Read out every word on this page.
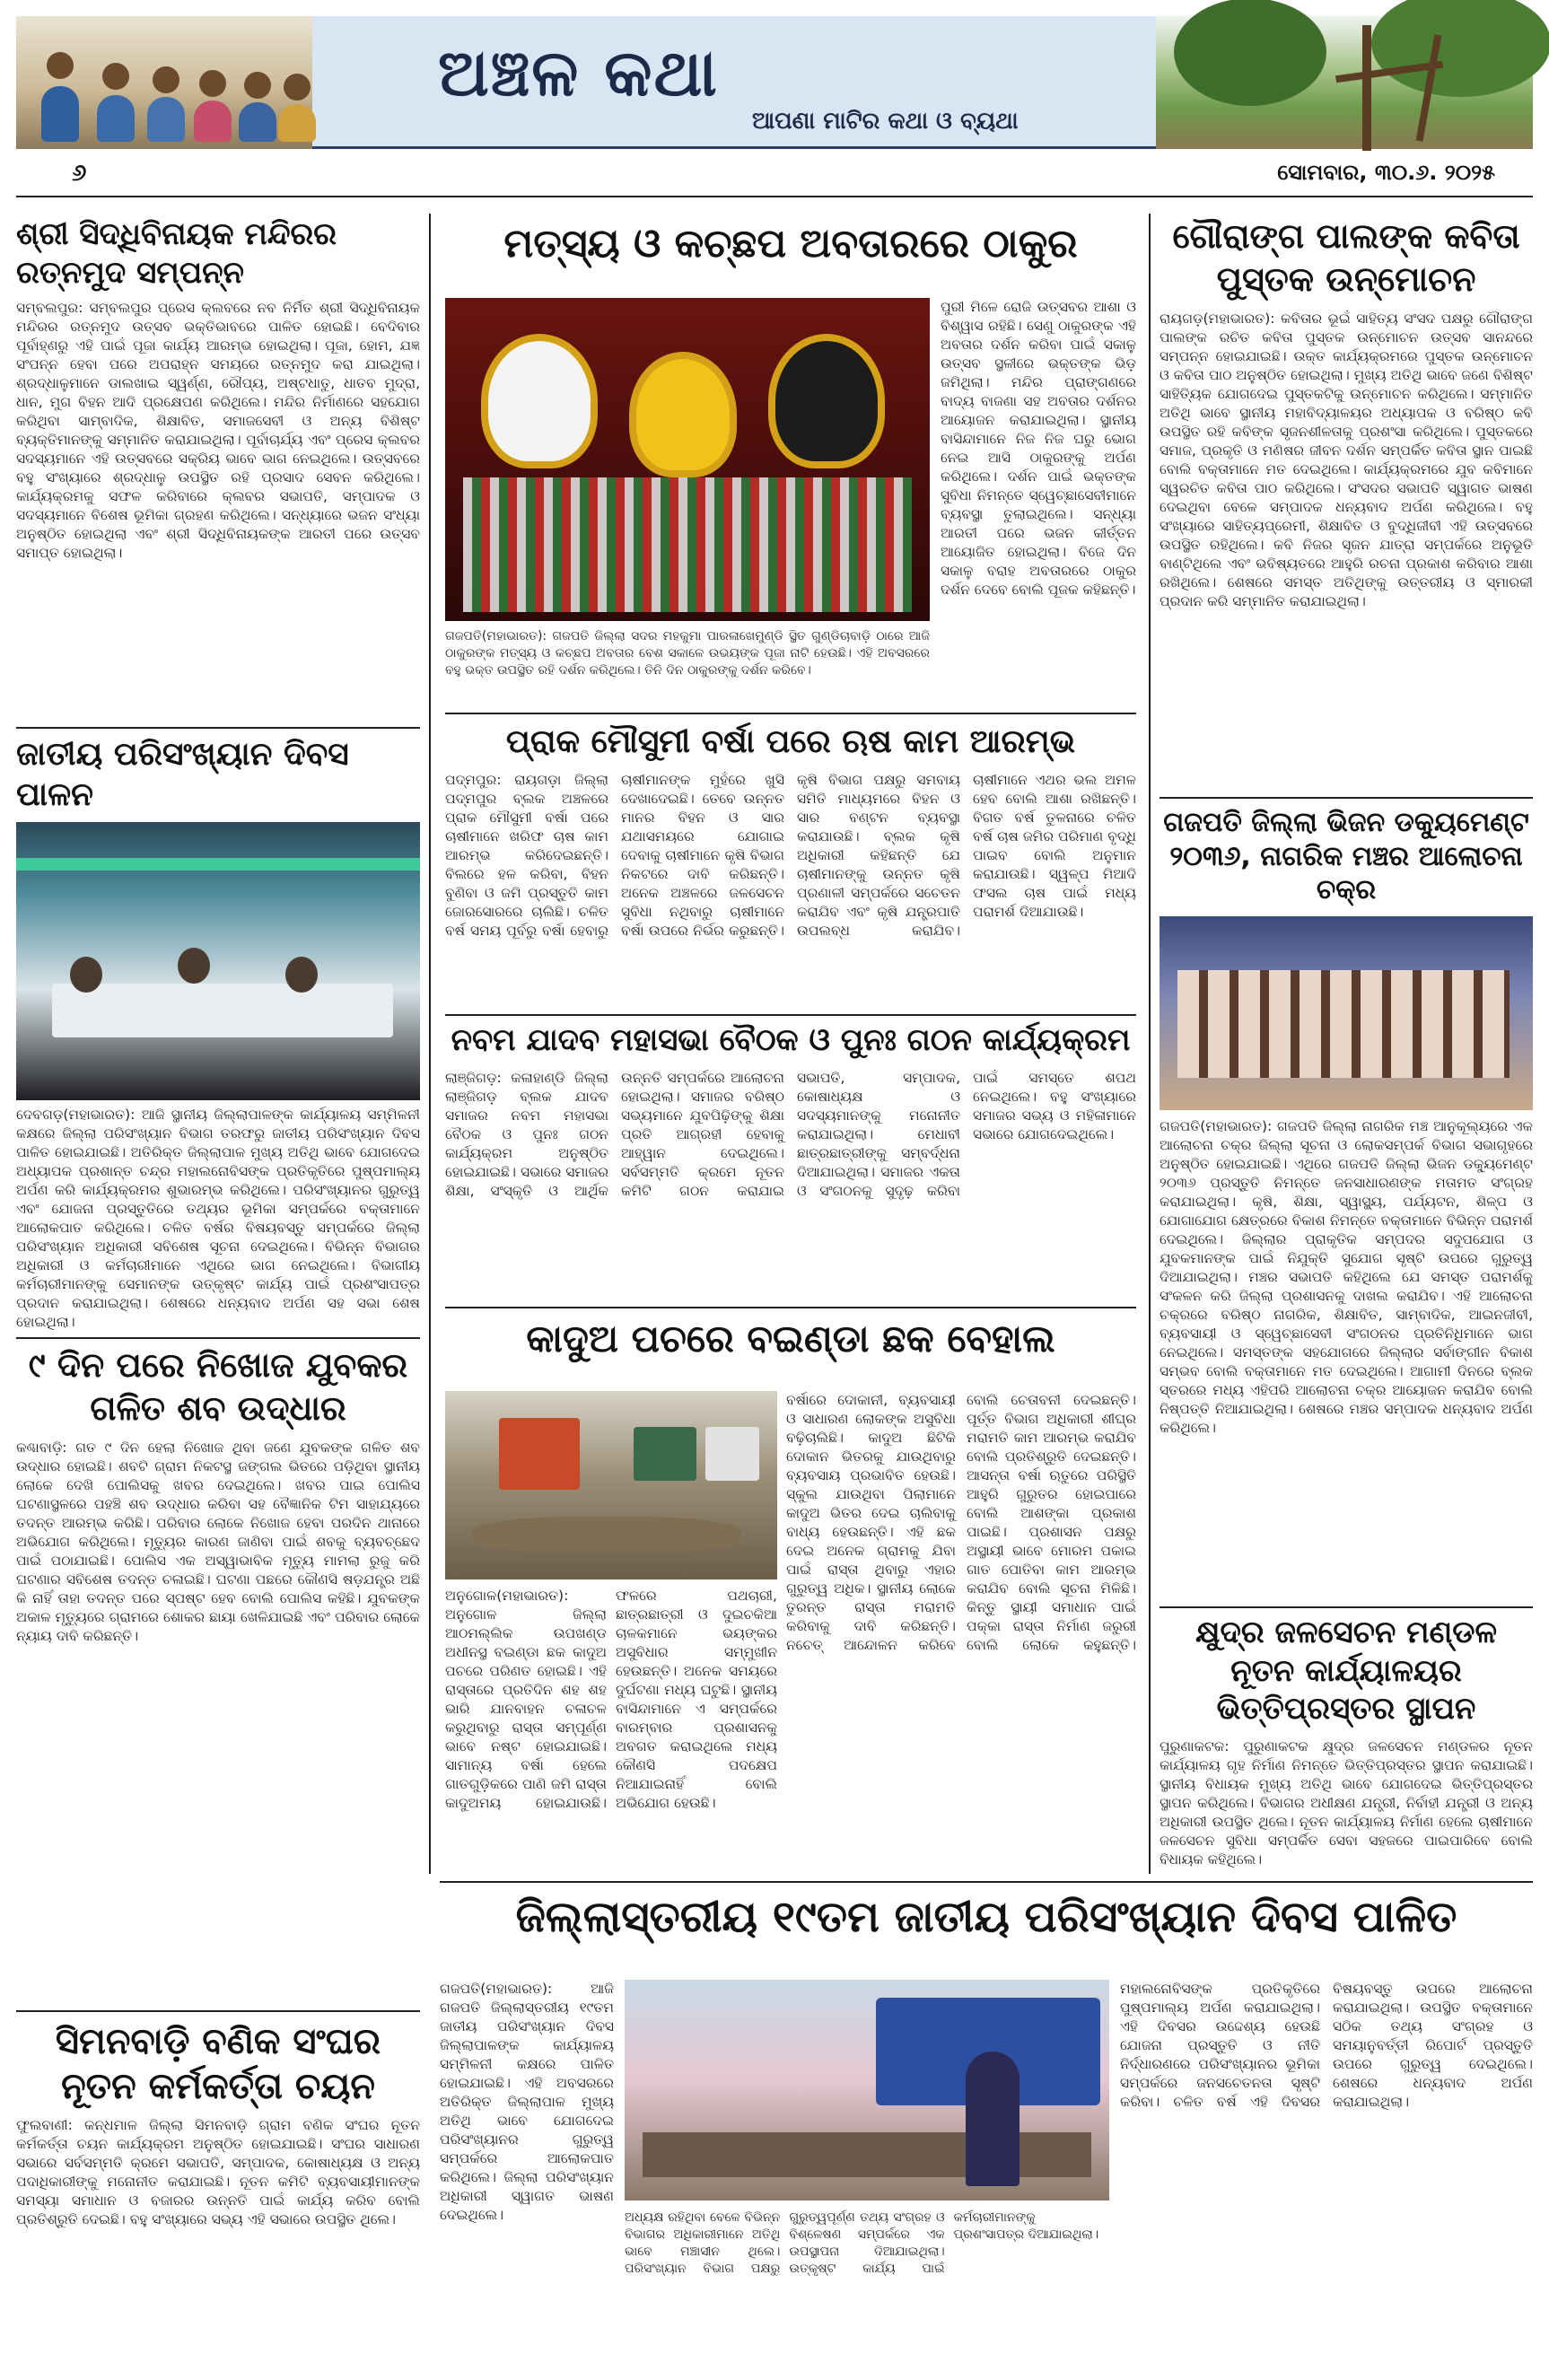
ଅଞ୍ଚଳ କଥା
ଆପଣା ମାଟିର କଥା ଓ ବ୍ୟଥା
୬	ସୋମବାର, ୩୦.୬. ୨୦୨୫
ଶ୍ରୀ ସିଦ୍ଧିବିନାୟକ ମନ୍ଦିରର ରତ୍ନମୁଦ ସମ୍ପନ୍ନ
ସମ୍ବଲପୁର: ସମ୍ବଲପୁର ପ୍ରେସ କ୍ଲବରେ ନବ ନିର୍ମିତ ଶ୍ରୀ ସିଦ୍ଧିବିନାୟକ ମନ୍ଦିରର ରତ୍ନମୁଦ ଉତ୍ସବ ଭକ୍ତିଭାବରେ ପାଳିତ ହୋଇଛି। ବେଦିବାର ପୂର୍ବାହ୍ଣରୁ ଏହି ପାଇଁ ପୂଜା କାର୍ଯ୍ୟ ଆରମ୍ଭ ହୋଇଥିଲା। ପୂଜା, ହୋମ, ଯଜ୍ଞ ସଂପନ୍ନ ହେବା ପରେ ଅପରାହ୍ନ ସମୟରେ ରତ୍ନମୁଦ କରା ଯାଇଥିଲା। ଶ୍ରଦ୍ଧାଳୁମାନେ ଡାଲଖାଇ ସ୍ୱର୍ଣ୍ଣ, ରୌପ୍ୟ, ଅଷ୍ଟଧାତୁ, ଧାତବ ମୁଦ୍ରା, ଧାନ, ମୁଗ ବିହନ ଆଦି ପ୍ରକ୍ଷେପଣ କରିଥିଲେ। ମନ୍ଦିର ନିର୍ମାଣରେ ସହଯୋଗ କରିଥିବା ସାମ୍ବାଦିକ, ଶିକ୍ଷାବିତ, ସମାଜସେବୀ ଓ ଅନ୍ୟ ବିଶିଷ୍ଟ ବ୍ୟକ୍ତିମାନଙ୍କୁ ସମ୍ମାନିତ କରାଯାଇଥିଲା। ପୂର୍ବାଚାର୍ଯ୍ୟ ଏବଂ ପ୍ରେସ କ୍ଲବର ସଦସ୍ୟମାନେ ଏହି ଉତ୍ସବରେ ସକ୍ରିୟ ଭାବେ ଭାଗ ନେଇଥିଲେ। ଉତ୍ସବରେ ବହୁ ସଂଖ୍ୟାରେ ଶ୍ରଦ୍ଧାଳୁ ଉପସ୍ଥିତ ରହି ପ୍ରସାଦ ସେବନ କରିଥିଲେ। କାର୍ଯ୍ୟକ୍ରମକୁ ସଫଳ କରିବାରେ କ୍ଲବର ସଭାପତି, ସମ୍ପାଦକ ଓ ସଦସ୍ୟମାନେ ବିଶେଷ ଭୂମିକା ଗ୍ରହଣ କରିଥିଲେ। ସନ୍ଧ୍ୟାରେ ଭଜନ ସଂଧ୍ୟା ଅନୁଷ୍ଠିତ ହୋଇଥିଲା ଏବଂ ଶ୍ରୀ ସିଦ୍ଧିବିନାୟକଙ୍କ ଆରତୀ ପରେ ଉତ୍ସବ ସମାପ୍ତ ହୋଇଥିଲା।
ଜାତୀୟ ପରିସଂଖ୍ୟାନ ଦିବସ ପାଳନ
ଦେବଗଡ଼(ମହାଭାରତ): ଆଜି ସ୍ଥାନୀୟ ଜିଲ୍ଲାପାଳଙ୍କ କାର୍ଯ୍ୟାଳୟ ସମ୍ମିଳନୀ କକ୍ଷରେ ଜିଲ୍ଲା ପରିସଂଖ୍ୟାନ ବିଭାଗ ତରଫରୁ ଜାତୀୟ ପରିସଂଖ୍ୟାନ ଦିବସ ପାଳିତ ହୋଇଯାଇଛି। ଅତିରିକ୍ତ ଜିଲ୍ଲାପାଳ ମୁଖ୍ୟ ଅତିଥି ଭାବେ ଯୋଗଦେଇ ଅଧ୍ୟାପକ ପ୍ରଶାନ୍ତ ଚନ୍ଦ୍ର ମହାଲନୋବିସଙ୍କ ପ୍ରତିକୃତିରେ ପୁଷ୍ପମାଲ୍ୟ ଅର୍ପଣ କରି କାର୍ଯ୍ୟକ୍ରମର ଶୁଭାରମ୍ଭ କରିଥିଲେ। ପରିସଂଖ୍ୟାନର ଗୁରୁତ୍ୱ ଏବଂ ଯୋଜନା ପ୍ରସ୍ତୁତିରେ ତଥ୍ୟର ଭୂମିକା ସମ୍ପର୍କରେ ବକ୍ତାମାନେ ଆଲୋକପାତ କରିଥିଲେ। ଚଳିତ ବର୍ଷର ବିଷୟବସ୍ତୁ ସମ୍ପର୍କରେ ଜିଲ୍ଲା ପରିସଂଖ୍ୟାନ ଅଧିକାରୀ ସବିଶେଷ ସୂଚନା ଦେଇଥିଲେ। ବିଭିନ୍ନ ବିଭାଗର ଅଧିକାରୀ ଓ କର୍ମଚାରୀମାନେ ଏଥିରେ ଭାଗ ନେଇଥିଲେ। ବିଭାଗୀୟ କର୍ମଚାରୀମାନଙ୍କୁ ସେମାନଙ୍କ ଉତ୍କୃଷ୍ଟ କାର୍ଯ୍ୟ ପାଇଁ ପ୍ରଶଂସାପତ୍ର ପ୍ରଦାନ କରାଯାଇଥିଲା। ଶେଷରେ ଧନ୍ୟବାଦ ଅର୍ପଣ ସହ ସଭା ଶେଷ ହୋଇଥିଲା।
୯ ଦିନ ପରେ ନିଖୋଜ ଯୁବକର ଗଳିତ ଶବ ଉଦ୍ଧାର
କଣ୍ଢାବାଡ଼ି: ଗତ ୯ ଦିନ ହେଲା ନିଖୋଜ ଥିବା ଜଣେ ଯୁବକଙ୍କ ଗଳିତ ଶବ ଉଦ୍ଧାର ହୋଇଛି। ଶବଟି ଗ୍ରାମ ନିକଟସ୍ଥ ଜଙ୍ଗଲ ଭିତରେ ପଡ଼ିଥିବା ସ୍ଥାନୀୟ ଲୋକେ ଦେଖି ପୋଲିସକୁ ଖବର ଦେଇଥିଲେ। ଖବର ପାଇ ପୋଲିସ ଘଟଣାସ୍ଥଳରେ ପହଞ୍ଚି ଶବ ଉଦ୍ଧାର କରିବା ସହ ବୈଜ୍ଞାନିକ ଟିମ ସାହାଯ୍ୟରେ ତଦନ୍ତ ଆରମ୍ଭ କରିଛି। ପରିବାର ଲୋକେ ନିଖୋଜ ହେବା ପରଦିନ ଥାନାରେ ଅଭିଯୋଗ କରିଥିଲେ। ମୃତ୍ୟୁର କାରଣ ଜାଣିବା ପାଇଁ ଶବକୁ ବ୍ୟବଚ୍ଛେଦ ପାଇଁ ପଠାଯାଇଛି। ପୋଲିସ ଏକ ଅସ୍ୱାଭାବିକ ମୃତ୍ୟୁ ମାମଲା ରୁଜୁ କରି ଘଟଣାର ସବିଶେଷ ତଦନ୍ତ ଚଳାଇଛି। ଘଟଣା ପଛରେ କୌଣସି ଷଡ଼ଯନ୍ତ୍ର ଅଛି କି ନାହିଁ ତାହା ତଦନ୍ତ ପରେ ସ୍ପଷ୍ଟ ହେବ ବୋଲି ପୋଲିସ କହିଛି। ଯୁବକଙ୍କ ଅକାଳ ମୃତ୍ୟୁରେ ଗ୍ରାମରେ ଶୋକର ଛାୟା ଖେଳିଯାଇଛି ଏବଂ ପରିବାର ଲୋକେ ନ୍ୟାୟ ଦାବି କରିଛନ୍ତି।
ସିମନବାଡ଼ି ବଣିକ ସଂଘର ନୂତନ କର୍ମକର୍ତ୍ତା ଚୟନ
ଫୁଲବାଣୀ: କନ୍ଧମାଳ ଜିଲ୍ଲା ସିମନବାଡ଼ି ଗ୍ରାମ ବଣିକ ସଂଘର ନୂତନ କର୍ମକର୍ତ୍ତା ଚୟନ କାର୍ଯ୍ୟକ୍ରମ ଅନୁଷ୍ଠିତ ହୋଇଯାଇଛି। ସଂଘର ସାଧାରଣ ସଭାରେ ସର୍ବସମ୍ମତି କ୍ରମେ ସଭାପତି, ସମ୍ପାଦକ, କୋଷାଧ୍ୟକ୍ଷ ଓ ଅନ୍ୟ ପଦାଧିକାରୀଙ୍କୁ ମନୋନୀତ କରାଯାଇଛି। ନୂତନ କମିଟି ବ୍ୟବସାୟୀମାନଙ୍କ ସମସ୍ୟା ସମାଧାନ ଓ ବଜାରର ଉନ୍ନତି ପାଇଁ କାର୍ଯ୍ୟ କରିବ ବୋଲି ପ୍ରତିଶ୍ରୁତି ଦେଇଛି। ବହୁ ସଂଖ୍ୟାରେ ସଭ୍ୟ ଏହି ସଭାରେ ଉପସ୍ଥିତ ଥିଲେ।
ମତ୍ସ୍ୟ ଓ କଚ୍ଛପ ଅବତାରରେ ଠାକୁର
ପୁରୀ ମିଳେ ରୋଜି ଉତ୍ସବର ଆଶା ଓ ବିଶ୍ୱାସ ରହିଛି। ସେଣୁ ଠାକୁରଙ୍କ ଏହି ଅବତାର ଦର୍ଶନ କରିବା ପାଇଁ ସକାଳୁ ଉତ୍ସବ ସ୍ଥଳୀରେ ଭକ୍ତଙ୍କ ଭିଡ଼ ଜମିଥିଲା। ମନ୍ଦିର ପ୍ରାଙ୍ଗଣରେ ବାଦ୍ୟ ବାଜଣା ସହ ଅବତାର ଦର୍ଶନର ଆୟୋଜନ କରାଯାଇଥିଲା। ସ୍ଥାନୀୟ ବାସିନ୍ଦାମାନେ ନିଜ ନିଜ ଘରୁ ଭୋଗ ନେଇ ଆସି ଠାକୁରଙ୍କୁ ଅର୍ପଣ କରିଥିଲେ। ଦର୍ଶନ ପାଇଁ ଭକ୍ତଙ୍କ ସୁବିଧା ନିମନ୍ତେ ସ୍ୱେଚ୍ଛାସେବୀମାନେ ବ୍ୟବସ୍ଥା ତୁଲାଇଥିଲେ। ସନ୍ଧ୍ୟା ଆରତୀ ପରେ ଭଜନ କୀର୍ତ୍ତନ ଆୟୋଜିତ ହୋଇଥିଲା। ବିଜେ ଦିନ ସକାଳୁ ବରାହ ଅବତାରରେ ଠାକୁର ଦର୍ଶନ ଦେବେ ବୋଲି ପୂଜକ କହିଛନ୍ତି।
ଗଜପତି(ମହାଭାରତ): ଗଜପତି ଜିଲ୍ଲା ସଦର ମହକୁମା ପାରଳାଖେମୁଣ୍ଡି ସ୍ଥିତ ଗୁଣ୍ଡିଚାବାଡ଼ି ଠାରେ ଆଜି ଠାକୁରଙ୍କ ମତ୍ସ୍ୟ ଓ କଚ୍ଛପ ଅବତାର ବେଶ ସକାଳେ ଉଭୟଙ୍କ ପୂଜା ନାଟି ହେଉଛି। ଏହି ଅବସରରେ ବହୁ ଭକ୍ତ ଉପସ୍ଥିତ ରହି ଦର୍ଶନ କରିଥିଲେ। ତିନି ଦିନ ଠାକୁରଙ୍କୁ ଦର୍ଶନ କରିବେ।
ପ୍ରାକ ମୌସୁମୀ ବର୍ଷା ପରେ ଋଷ କାମ ଆରମ୍ଭ
ପଦ୍ମପୁର: ରାୟଗଡ଼ା ଜିଲ୍ଲା ପଦ୍ମପୁର ବ୍ଲକ ଅଞ୍ଚଳରେ ପ୍ରାକ ମୌସୁମୀ ବର୍ଷା ପରେ ଚାଷୀମାନେ ଖରିଫ ଚାଷ କାମ ଆରମ୍ଭ କରିଦେଇଛନ୍ତି। ବିଲରେ ହଳ କରିବା, ବିହନ ବୁଣିବା ଓ ଜମି ପ୍ରସ୍ତୁତି କାମ ଜୋରସୋରରେ ଚାଲିଛି। ଚଳିତ ବର୍ଷ ସମୟ ପୂର୍ବରୁ ବର୍ଷା ହେବାରୁ ଚାଷୀମାନଙ୍କ ମୁହଁରେ ଖୁସି ଦେଖାଦେଇଛି। ତେବେ ଉନ୍ନତ ମାନର ବିହନ ଓ ସାର ଯଥାସମୟରେ ଯୋଗାଇ ଦେବାକୁ ଚାଷୀମାନେ କୃଷି ବିଭାଗ ନିକଟରେ ଦାବି କରିଛନ୍ତି। ଅନେକ ଅଞ୍ଚଳରେ ଜଳସେଚନ ସୁବିଧା ନଥିବାରୁ ଚାଷୀମାନେ ବର୍ଷା ଉପରେ ନିର୍ଭର କରୁଛନ୍ତି। କୃଷି ବିଭାଗ ପକ୍ଷରୁ ସମବାୟ ସମିତି ମାଧ୍ୟମରେ ବିହନ ଓ ସାର ବଣ୍ଟନ ବ୍ୟବସ୍ଥା କରାଯାଉଛି। ବ୍ଲକ କୃଷି ଅଧିକାରୀ କହିଛନ୍ତି ଯେ ଚାଷୀମାନଙ୍କୁ ଉନ୍ନତ କୃଷି ପ୍ରଣାଳୀ ସମ୍ପର୍କରେ ସଚେତନ କରାଯିବ ଏବଂ କୃଷି ଯନ୍ତ୍ରପାତି ଉପଲବ୍ଧ କରାଯିବ। ଚାଷୀମାନେ ଏଥର ଭଲ ଅମଳ ହେବ ବୋଲି ଆଶା ରଖିଛନ୍ତି। ବିଗତ ବର୍ଷ ତୁଳନାରେ ଚଳିତ ବର୍ଷ ଚାଷ ଜମିର ପରିମାଣ ବୃଦ୍ଧି ପାଇବ ବୋଲି ଅନୁମାନ କରାଯାଉଛି। ସ୍ୱଳ୍ପ ମିଆଦି ଫସଲ ଚାଷ ପାଇଁ ମଧ୍ୟ ପରାମର୍ଶ ଦିଆଯାଉଛି।
ନବମ ଯାଦବ ମହାସଭା ବୈଠକ ଓ ପୁନଃ ଗଠନ କାର୍ଯ୍ୟକ୍ରମ
ଲାଞ୍ଜିଗଡ଼: କଳାହାଣ୍ଡି ଜିଲ୍ଲା ଲାଞ୍ଜିଗଡ଼ ବ୍ଲକ ଯାଦବ ସମାଜର ନବମ ମହାସଭା ବୈଠକ ଓ ପୁନଃ ଗଠନ କାର୍ଯ୍ୟକ୍ରମ ଅନୁଷ୍ଠିତ ହୋଇଯାଇଛି। ସଭାରେ ସମାଜର ଶିକ୍ଷା, ସଂସ୍କୃତି ଓ ଆର୍ଥିକ ଉନ୍ନତି ସମ୍ପର୍କରେ ଆଲୋଚନା ହୋଇଥିଲା। ସମାଜର ବରିଷ୍ଠ ସଭ୍ୟମାନେ ଯୁବପିଢ଼ିଙ୍କୁ ଶିକ୍ଷା ପ୍ରତି ଆଗ୍ରହୀ ହେବାକୁ ଆହ୍ୱାନ ଦେଇଥିଲେ। ସର୍ବସମ୍ମତି କ୍ରମେ ନୂତନ କମିଟି ଗଠନ କରାଯାଇ ସଭାପତି, ସମ୍ପାଦକ, କୋଷାଧ୍ୟକ୍ଷ ଓ ସଦସ୍ୟମାନଙ୍କୁ ମନୋନୀତ କରାଯାଇଥିଲା। ମେଧାବୀ ଛାତ୍ରଛାତ୍ରୀଙ୍କୁ ସମ୍ବର୍ଦ୍ଧନା ଦିଆଯାଇଥିଲା। ସମାଜର ଏକତା ଓ ସଂଗଠନକୁ ସୁଦୃଢ଼ କରିବା ପାଇଁ ସମସ୍ତେ ଶପଥ ନେଇଥିଲେ। ବହୁ ସଂଖ୍ୟାରେ ସମାଜର ସଭ୍ୟ ଓ ମହିଳାମାନେ ସଭାରେ ଯୋଗଦେଇଥିଲେ।
କାଦୁଅ ପଚରେ ବଇଣ୍ଡା ଛକ ବେହାଲ
ବର୍ଷାରେ ଦୋକାନୀ, ବ୍ୟବସାୟୀ ଓ ସାଧାରଣ ଲୋକଙ୍କ ଅସୁବିଧା ବଢ଼ିଚାଲିଛି। କାଦୁଅ ଛିଟିକି ଦୋକାନ ଭିତରକୁ ଯାଉଥିବାରୁ ବ୍ୟବସାୟ ପ୍ରଭାବିତ ହେଉଛି। ସ୍କୁଲ ଯାଉଥିବା ପିଲାମାନେ କାଦୁଅ ଭିତର ଦେଇ ଚାଲିବାକୁ ବାଧ୍ୟ ହେଉଛନ୍ତି। ଏହି ଛକ ଦେଇ ଅନେକ ଗ୍ରାମକୁ ଯିବା ପାଇଁ ରାସ୍ତା ଥିବାରୁ ଏହାର ଗୁରୁତ୍ୱ ଅଧିକ। ସ୍ଥାନୀୟ ଲୋକେ ତୁରନ୍ତ ରାସ୍ତା ମରାମତି କରିବାକୁ ଦାବି କରିଛନ୍ତି। ନଚେତ୍ ଆନ୍ଦୋଳନ କରିବେ ବୋଲି ଚେତାବନୀ ଦେଇଛନ୍ତି। ପୂର୍ତ୍ତ ବିଭାଗ ଅଧିକାରୀ ଶୀଘ୍ର ମରାମତି କାମ ଆରମ୍ଭ କରାଯିବ ବୋଲି ପ୍ରତିଶ୍ରୁତି ଦେଇଛନ୍ତି। ଆସନ୍ତା ବର୍ଷା ଋତୁରେ ପରିସ୍ଥିତି ଆହୁରି ଗୁରୁତର ହୋଇପାରେ ବୋଲି ଆଶଙ୍କା ପ୍ରକାଶ ପାଇଛି। ପ୍ରଶାସନ ପକ୍ଷରୁ ଅସ୍ଥାୟୀ ଭାବେ ମୋରମ ପକାଇ ଗାତ ପୋତିବା କାମ ଆରମ୍ଭ କରାଯିବ ବୋଲି ସୂଚନା ମିଳିଛି। କିନ୍ତୁ ସ୍ଥାୟୀ ସମାଧାନ ପାଇଁ ପକ୍କା ରାସ୍ତା ନିର୍ମାଣ ଜରୁରୀ ବୋଲି ଲୋକେ କହୁଛନ୍ତି।
ଅନୁଗୋଳ(ମହାଭାରତ): ଅନୁଗୋଳ ଜିଲ୍ଲା ଆଠମଲ୍ଲିକ ଉପଖଣ୍ଡ ଅଧୀନସ୍ଥ ବଇଣ୍ଡା ଛକ କାଦୁଅ ପଚରେ ପରିଣତ ହୋଇଛି। ଏହି ରାସ୍ତାରେ ପ୍ରତିଦିନ ଶହ ଶହ ଭାରି ଯାନବାହନ ଚଳାଚଳ କରୁଥିବାରୁ ରାସ୍ତା ସମ୍ପୂର୍ଣ୍ଣ ଭାବେ ନଷ୍ଟ ହୋଇଯାଇଛି। ସାମାନ୍ୟ ବର୍ଷା ହେଲେ ଗାତଗୁଡ଼ିକରେ ପାଣି ଜମି ରାସ୍ତା କାଦୁଅମୟ ହୋଇଯାଉଛି। ଫଳରେ ପଥଚାରୀ, ଛାତ୍ରଛାତ୍ରୀ ଓ ଦୁଇଚକିଆ ଚାଳକମାନେ ଭୟଙ୍କର ଅସୁବିଧାର ସମ୍ମୁଖୀନ ହେଉଛନ୍ତି। ଅନେକ ସମୟରେ ଦୁର୍ଘଟଣା ମଧ୍ୟ ଘଟୁଛି। ସ୍ଥାନୀୟ ବାସିନ୍ଦାମାନେ ଏ ସମ୍ପର୍କରେ ବାରମ୍ବାର ପ୍ରଶାସନକୁ ଅବଗତ କରାଇଥିଲେ ମଧ୍ୟ କୌଣସି ପଦକ୍ଷେପ ନିଆଯାଇନାହିଁ ବୋଲି ଅଭିଯୋଗ ହେଉଛି।
ଗୌରାଙ୍ଗ ପାଲଙ୍କ କବିତା ପୁସ୍ତକ ଉନ୍ମୋଚନ
ରାୟଗଡ଼(ମହାଭାରତ): କବିତାର ଭୂଇଁ ସାହିତ୍ୟ ସଂସଦ ପକ୍ଷରୁ ଗୌରାଙ୍ଗ ପାଲଙ୍କ ରଚିତ କବିତା ପୁସ୍ତକ ଉନ୍ମୋଚନ ଉତ୍ସବ ସାନନ୍ଦରେ ସମ୍ପନ୍ନ ହୋଇଯାଇଛି। ଉକ୍ତ କାର୍ଯ୍ୟକ୍ରମରେ ପୁସ୍ତକ ଉନ୍ମୋଚନ ଓ କବିତା ପାଠ ଅନୁଷ୍ଠିତ ହୋଇଥିଲା। ମୁଖ୍ୟ ଅତିଥି ଭାବେ ଜଣେ ବିଶିଷ୍ଟ ସାହିତ୍ୟିକ ଯୋଗଦେଇ ପୁସ୍ତକଟିକୁ ଉନ୍ମୋଚନ କରିଥିଲେ। ସମ୍ମାନିତ ଅତିଥି ଭାବେ ସ୍ଥାନୀୟ ମହାବିଦ୍ୟାଳୟର ଅଧ୍ୟାପକ ଓ ବରିଷ୍ଠ କବି ଉପସ୍ଥିତ ରହି କବିଙ୍କ ସୃଜନଶୀଳତାକୁ ପ୍ରଶଂସା କରିଥିଲେ। ପୁସ୍ତକରେ ସମାଜ, ପ୍ରକୃତି ଓ ମଣିଷର ଜୀବନ ଦର୍ଶନ ସମ୍ପର୍କିତ କବିତା ସ୍ଥାନ ପାଇଛି ବୋଲି ବକ୍ତାମାନେ ମତ ଦେଇଥିଲେ। କାର୍ଯ୍ୟକ୍ରମରେ ଯୁବ କବିମାନେ ସ୍ୱରଚିତ କବିତା ପାଠ କରିଥିଲେ। ସଂସଦର ସଭାପତି ସ୍ୱାଗତ ଭାଷଣ ଦେଇଥିବା ବେଳେ ସମ୍ପାଦକ ଧନ୍ୟବାଦ ଅର୍ପଣ କରିଥିଲେ। ବହୁ ସଂଖ୍ୟାରେ ସାହିତ୍ୟପ୍ରେମୀ, ଶିକ୍ଷାବିତ ଓ ବୁଦ୍ଧିଜୀବୀ ଏହି ଉତ୍ସବରେ ଉପସ୍ଥିତ ରହିଥିଲେ। କବି ନିଜର ସୃଜନ ଯାତ୍ରା ସମ୍ପର୍କରେ ଅନୁଭୂତି ବାଣ୍ଟିଥିଲେ ଏବଂ ଭବିଷ୍ୟତରେ ଆହୁରି ରଚନା ପ୍ରକାଶ କରିବାର ଆଶା ରଖିଥିଲେ। ଶେଷରେ ସମସ୍ତ ଅତିଥିଙ୍କୁ ଉତ୍ତରୀୟ ଓ ସ୍ମାରକୀ ପ୍ରଦାନ କରି ସମ୍ମାନିତ କରାଯାଇଥିଲା।
ଗଜପତି ଜିଲ୍ଲା ଭିଜନ ଡକ୍ୟୁମେଣ୍ଟ ୨୦୩୬, ନାଗରିକ ମଞ୍ଚର ଆଲୋଚନା ଚକ୍ର
ଗଜପତି(ମହାଭାରତ): ଗଜପତି ଜିଲ୍ଲା ନାଗରିକ ମଞ୍ଚ ଆନୁକୂଲ୍ୟରେ ଏକ ଆଲୋଚନା ଚକ୍ର ଜିଲ୍ଲା ସୂଚନା ଓ ଲୋକସମ୍ପର୍କ ବିଭାଗ ସଭାଗୃହରେ ଅନୁଷ୍ଠିତ ହୋଇଯାଇଛି। ଏଥିରେ ଗଜପତି ଜିଲ୍ଲା ଭିଜନ ଡକ୍ୟୁମେଣ୍ଟ ୨୦୩୬ ପ୍ରସ୍ତୁତି ନିମନ୍ତେ ଜନସାଧାରଣଙ୍କ ମତାମତ ସଂଗ୍ରହ କରାଯାଇଥିଲା। କୃଷି, ଶିକ୍ଷା, ସ୍ୱାସ୍ଥ୍ୟ, ପର୍ଯ୍ୟଟନ, ଶିଳ୍ପ ଓ ଯୋଗାଯୋଗ କ୍ଷେତ୍ରରେ ବିକାଶ ନିମନ୍ତେ ବକ୍ତାମାନେ ବିଭିନ୍ନ ପରାମର୍ଶ ଦେଇଥିଲେ। ଜିଲ୍ଲାର ପ୍ରାକୃତିକ ସମ୍ପଦର ସଦୁପଯୋଗ ଓ ଯୁବକମାନଙ୍କ ପାଇଁ ନିଯୁକ୍ତି ସୁଯୋଗ ସୃଷ୍ଟି ଉପରେ ଗୁରୁତ୍ୱ ଦିଆଯାଇଥିଲା। ମଞ୍ଚର ସଭାପତି କହିଥିଲେ ଯେ ସମସ୍ତ ପରାମର୍ଶକୁ ସଂକଳନ କରି ଜିଲ୍ଲା ପ୍ରଶାସନକୁ ଦାଖଲ କରାଯିବ। ଏହି ଆଲୋଚନା ଚକ୍ରରେ ବରିଷ୍ଠ ନାଗରିକ, ଶିକ୍ଷାବିତ, ସାମ୍ବାଦିକ, ଆଇନଜୀବୀ, ବ୍ୟବସାୟୀ ଓ ସ୍ୱେଚ୍ଛାସେବୀ ସଂଗଠନର ପ୍ରତିନିଧିମାନେ ଭାଗ ନେଇଥିଲେ। ସମସ୍ତଙ୍କ ସହଯୋଗରେ ଜିଲ୍ଲାର ସର୍ବାଙ୍ଗୀନ ବିକାଶ ସମ୍ଭବ ବୋଲି ବକ୍ତାମାନେ ମତ ଦେଇଥିଲେ। ଆଗାମୀ ଦିନରେ ବ୍ଲକ ସ୍ତରରେ ମଧ୍ୟ ଏହିପରି ଆଲୋଚନା ଚକ୍ର ଆୟୋଜନ କରାଯିବ ବୋଲି ନିଷ୍ପତ୍ତି ନିଆଯାଇଥିଲା। ଶେଷରେ ମଞ୍ଚର ସମ୍ପାଦକ ଧନ୍ୟବାଦ ଅର୍ପଣ କରିଥିଲେ।
କ୍ଷୁଦ୍ର ଜଳସେଚନ ମଣ୍ଡଳ ନୂତନ କାର୍ଯ୍ୟାଳୟର ଭିତ୍ତିପ୍ରସ୍ତର ସ୍ଥାପନ
ପୁରୁଣାକଟକ: ପୁରୁଣାକଟକ କ୍ଷୁଦ୍ର ଜଳସେଚନ ମଣ୍ଡଳର ନୂତନ କାର୍ଯ୍ୟାଳୟ ଗୃହ ନିର୍ମାଣ ନିମନ୍ତେ ଭିତ୍ତିପ୍ରସ୍ତର ସ୍ଥାପନ କରାଯାଇଛି। ସ୍ଥାନୀୟ ବିଧାୟକ ମୁଖ୍ୟ ଅତିଥି ଭାବେ ଯୋଗଦେଇ ଭିତ୍ତିପ୍ରସ୍ତର ସ୍ଥାପନ କରିଥିଲେ। ବିଭାଗର ଅଧୀକ୍ଷଣ ଯନ୍ତ୍ରୀ, ନିର୍ବାହୀ ଯନ୍ତ୍ରୀ ଓ ଅନ୍ୟ ଅଧିକାରୀ ଉପସ୍ଥିତ ଥିଲେ। ନୂତନ କାର୍ଯ୍ୟାଳୟ ନିର୍ମାଣ ହେଲେ ଚାଷୀମାନେ ଜଳସେଚନ ସୁବିଧା ସମ୍ପର୍କିତ ସେବା ସହଜରେ ପାଇପାରିବେ ବୋଲି ବିଧାୟକ କହିଥିଲେ।
ଜିଲ୍ଲାସ୍ତରୀୟ ୧୯ତମ ଜାତୀୟ ପରିସଂଖ୍ୟାନ ଦିବସ ପାଳିତ
ଗଜପତି(ମହାଭାରତ): ଆଜି ଗଜପତି ଜିଲ୍ଲାସ୍ତରୀୟ ୧୯ତମ ଜାତୀୟ ପରିସଂଖ୍ୟାନ ଦିବସ ଜିଲ୍ଲାପାଳଙ୍କ କାର୍ଯ୍ୟାଳୟ ସମ୍ମିଳନୀ କକ୍ଷରେ ପାଳିତ ହୋଇଯାଇଛି। ଏହି ଅବସରରେ ଅତିରିକ୍ତ ଜିଲ୍ଲାପାଳ ମୁଖ୍ୟ ଅତିଥି ଭାବେ ଯୋଗଦେଇ ପରିସଂଖ୍ୟାନର ଗୁରୁତ୍ୱ ସମ୍ପର୍କରେ ଆଲୋକପାତ କରିଥିଲେ। ଜିଲ୍ଲା ପରିସଂଖ୍ୟାନ ଅଧିକାରୀ ସ୍ୱାଗତ ଭାଷଣ ଦେଇଥିଲେ।	ଅଧ୍ୟକ୍ଷ ରହିଥିବା ବେଳେ ବିଭିନ୍ନ ବିଭାଗର ଅଧିକାରୀମାନେ ଅତିଥି ଭାବେ ମଞ୍ଚାସୀନ ଥିଲେ। ପରିସଂଖ୍ୟାନ ବିଭାଗ ପକ୍ଷରୁ ଗୁରୁତ୍ୱପୂର୍ଣ୍ଣ ତଥ୍ୟ ସଂଗ୍ରହ ଓ ବିଶ୍ଳେଷଣ ସମ୍ପର୍କରେ ଏକ ଉପସ୍ଥାପନା ଦିଆଯାଇଥିଲା। ଉତ୍କୃଷ୍ଟ କାର୍ଯ୍ୟ ପାଇଁ କର୍ମଚାରୀମାନଙ୍କୁ ପ୍ରଶଂସାପତ୍ର ଦିଆଯାଇଥିଲା।
ମହାଲନୋବିସଙ୍କ ପ୍ରତିକୃତିରେ ପୁଷ୍ପମାଲ୍ୟ ଅର୍ପଣ କରାଯାଇଥିଲା। ଏହି ଦିବସର ଉଦ୍ଦେଶ୍ୟ ହେଉଛି ଯୋଜନା ପ୍ରସ୍ତୁତି ଓ ନୀତି ନିର୍ଦ୍ଧାରଣରେ ପରିସଂଖ୍ୟାନର ଭୂମିକା ସମ୍ପର୍କରେ ଜନସଚେତନତା ସୃଷ୍ଟି କରିବା। ଚଳିତ ବର୍ଷ ଏହି ଦିବସର ବିଷୟବସ୍ତୁ ଉପରେ ଆଲୋଚନା କରାଯାଇଥିଲା। ଉପସ୍ଥିତ ବକ୍ତାମାନେ ସଠିକ ତଥ୍ୟ ସଂଗ୍ରହ ଓ ସମୟାନୁବର୍ତ୍ତୀ ରିପୋର୍ଟ ପ୍ରସ୍ତୁତି ଉପରେ ଗୁରୁତ୍ୱ ଦେଇଥିଲେ। ଶେଷରେ ଧନ୍ୟବାଦ ଅର୍ପଣ କରାଯାଇଥିଲା।
